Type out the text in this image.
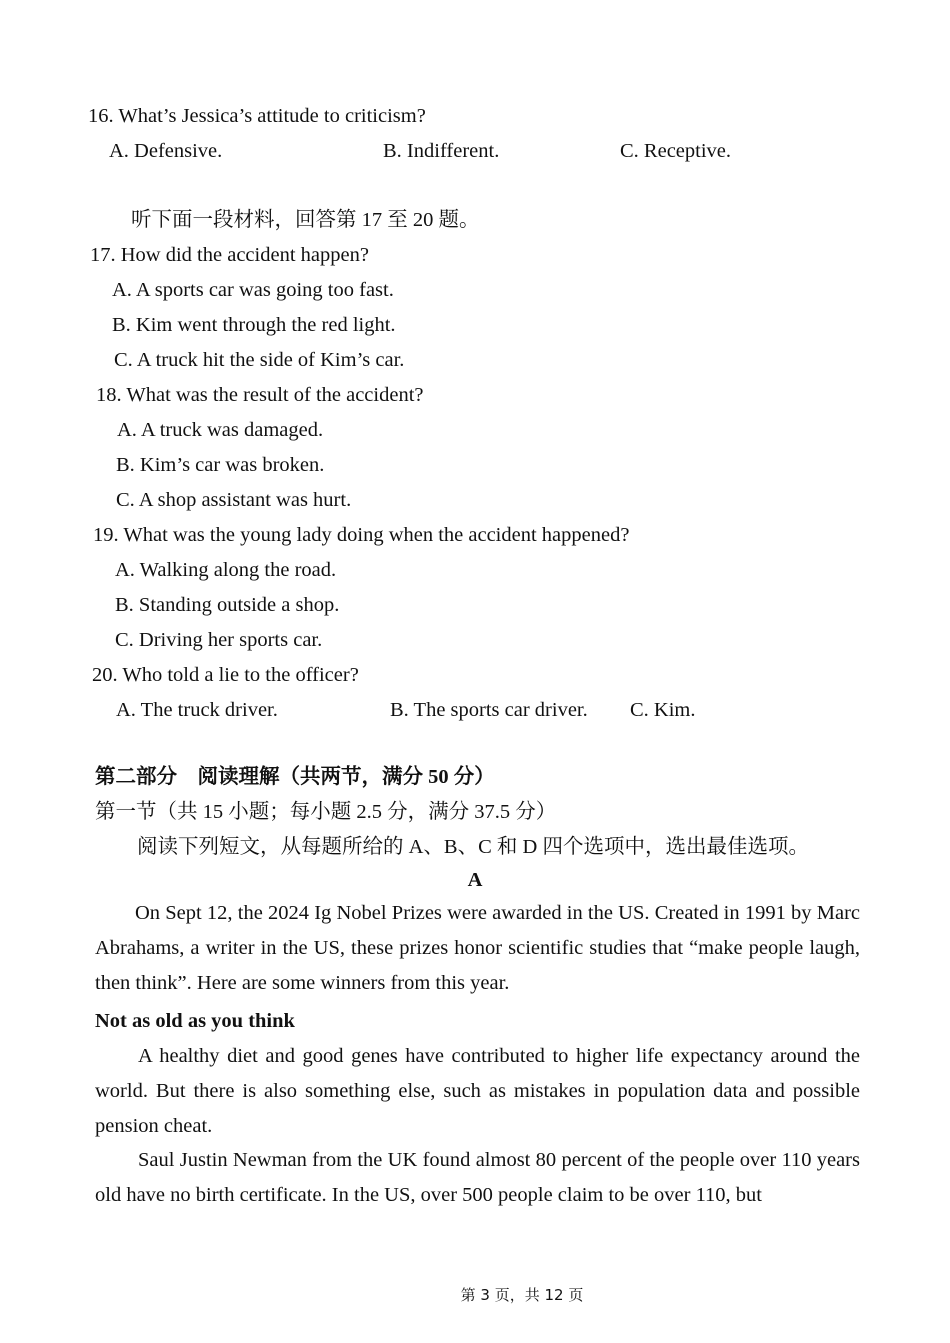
16. What’s Jessica’s attitude to criticism?
A. Defensive.	B. Indifferent.	C. Receptive.
听下面一段材料，回答第 17 至 20 题。
17. How did the accident happen?
A. A sports car was going too fast.
B. Kim went through the red light.
C. A truck hit the side of Kim’s car.
18. What was the result of the accident?
A. A truck was damaged.
B. Kim’s car was broken.
C. A shop assistant was hurt.
19. What was the young lady doing when the accident happened?
A. Walking along the road.
B. Standing outside a shop.
C. Driving her sports car.
20. Who told a lie to the officer?
A. The truck driver.	B. The sports car driver. C. Kim.
第二部分　阅读理解（共两节，满分 50 分）
第一节（共 15 小题；每小题 2.5 分，满分 37.5 分）
阅读下列短文，从每题所给的 A、B、C 和 D 四个选项中，选出最佳选项。
A
On Sept 12, the 2024 Ig Nobel Prizes were awarded in the US. Created in 1991 by Marc Abrahams, a writer in the US, these prizes honor scientific studies that “make people laugh, then think”. Here are some winners from this year.
Not as old as you think
A healthy diet and good genes have contributed to higher life expectancy around the world. But there is also something else, such as mistakes in population data and possible pension cheat.
Saul Justin Newman from the UK found almost 80 percent of the people over 110 years old have no birth certificate. In the US, over 500 people claim to be over 110, but
第 3 页，共 12 页
